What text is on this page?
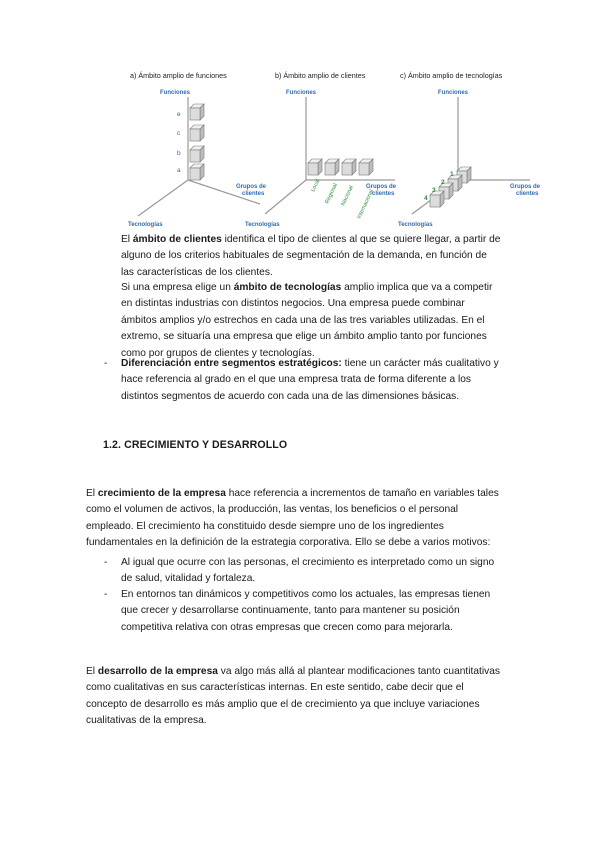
a) Ámbito amplio de funciones
Funciones
Grupos de
clientes
Tecnologías
e
c
b
a
b) Ámbito amplio de clientes
Funciones
Grupos de
clientes
Tecnologías
Local Regional Nacional Internacional
c) Ámbito amplio de tecnologías
Funciones
Grupos de
clientes
Tecnologías
1
2
3
4
El ámbito de clientes identifica el tipo de clientes al que se quiere llegar, a partir de
alguno de los criterios habituales de segmentación de la demanda, en función de
las características de los clientes.
Si una empresa elige un ámbito de tecnologías amplio implica que va a competir
en distintas industrias con distintos negocios. Una empresa puede combinar
ámbitos amplios y/o estrechos en cada una de las tres variables utilizadas. En el
extremo, se situaría una empresa que elige un ámbito amplio tanto por funciones
como por grupos de clientes y tecnologías.
- Diferenciación entre segmentos estratégicos: tiene un carácter más cualitativo y
hace referencia al grado en el que una empresa trata de forma diferente a los
distintos segmentos de acuerdo con cada una de las dimensiones básicas.
1.2. CRECIMIENTO Y DESARROLLO
El crecimiento de la empresa hace referencia a incrementos de tamaño en variables tales
como el volumen de activos, la producción, las ventas, los beneficios o el personal
empleado. El crecimiento ha constituido desde siempre uno de los ingredientes
fundamentales en la definición de la estrategia corporativa. Ello se debe a varios motivos:
- Al igual que ocurre con las personas, el crecimiento es interpretado como un signo
de salud, vitalidad y fortaleza.
- En entornos tan dinámicos y competitivos como los actuales, las empresas tienen
que crecer y desarrollarse continuamente, tanto para mantener su posición
competitiva relativa con otras empresas que crecen como para mejorarla.
El desarrollo de la empresa va algo más allá al plantear modificaciones tanto cuantitativas
como cualitativas en sus características internas. En este sentido, cabe decir que el
concepto de desarrollo es más amplio que el de crecimiento ya que incluye variaciones
cualitativas de la empresa.
